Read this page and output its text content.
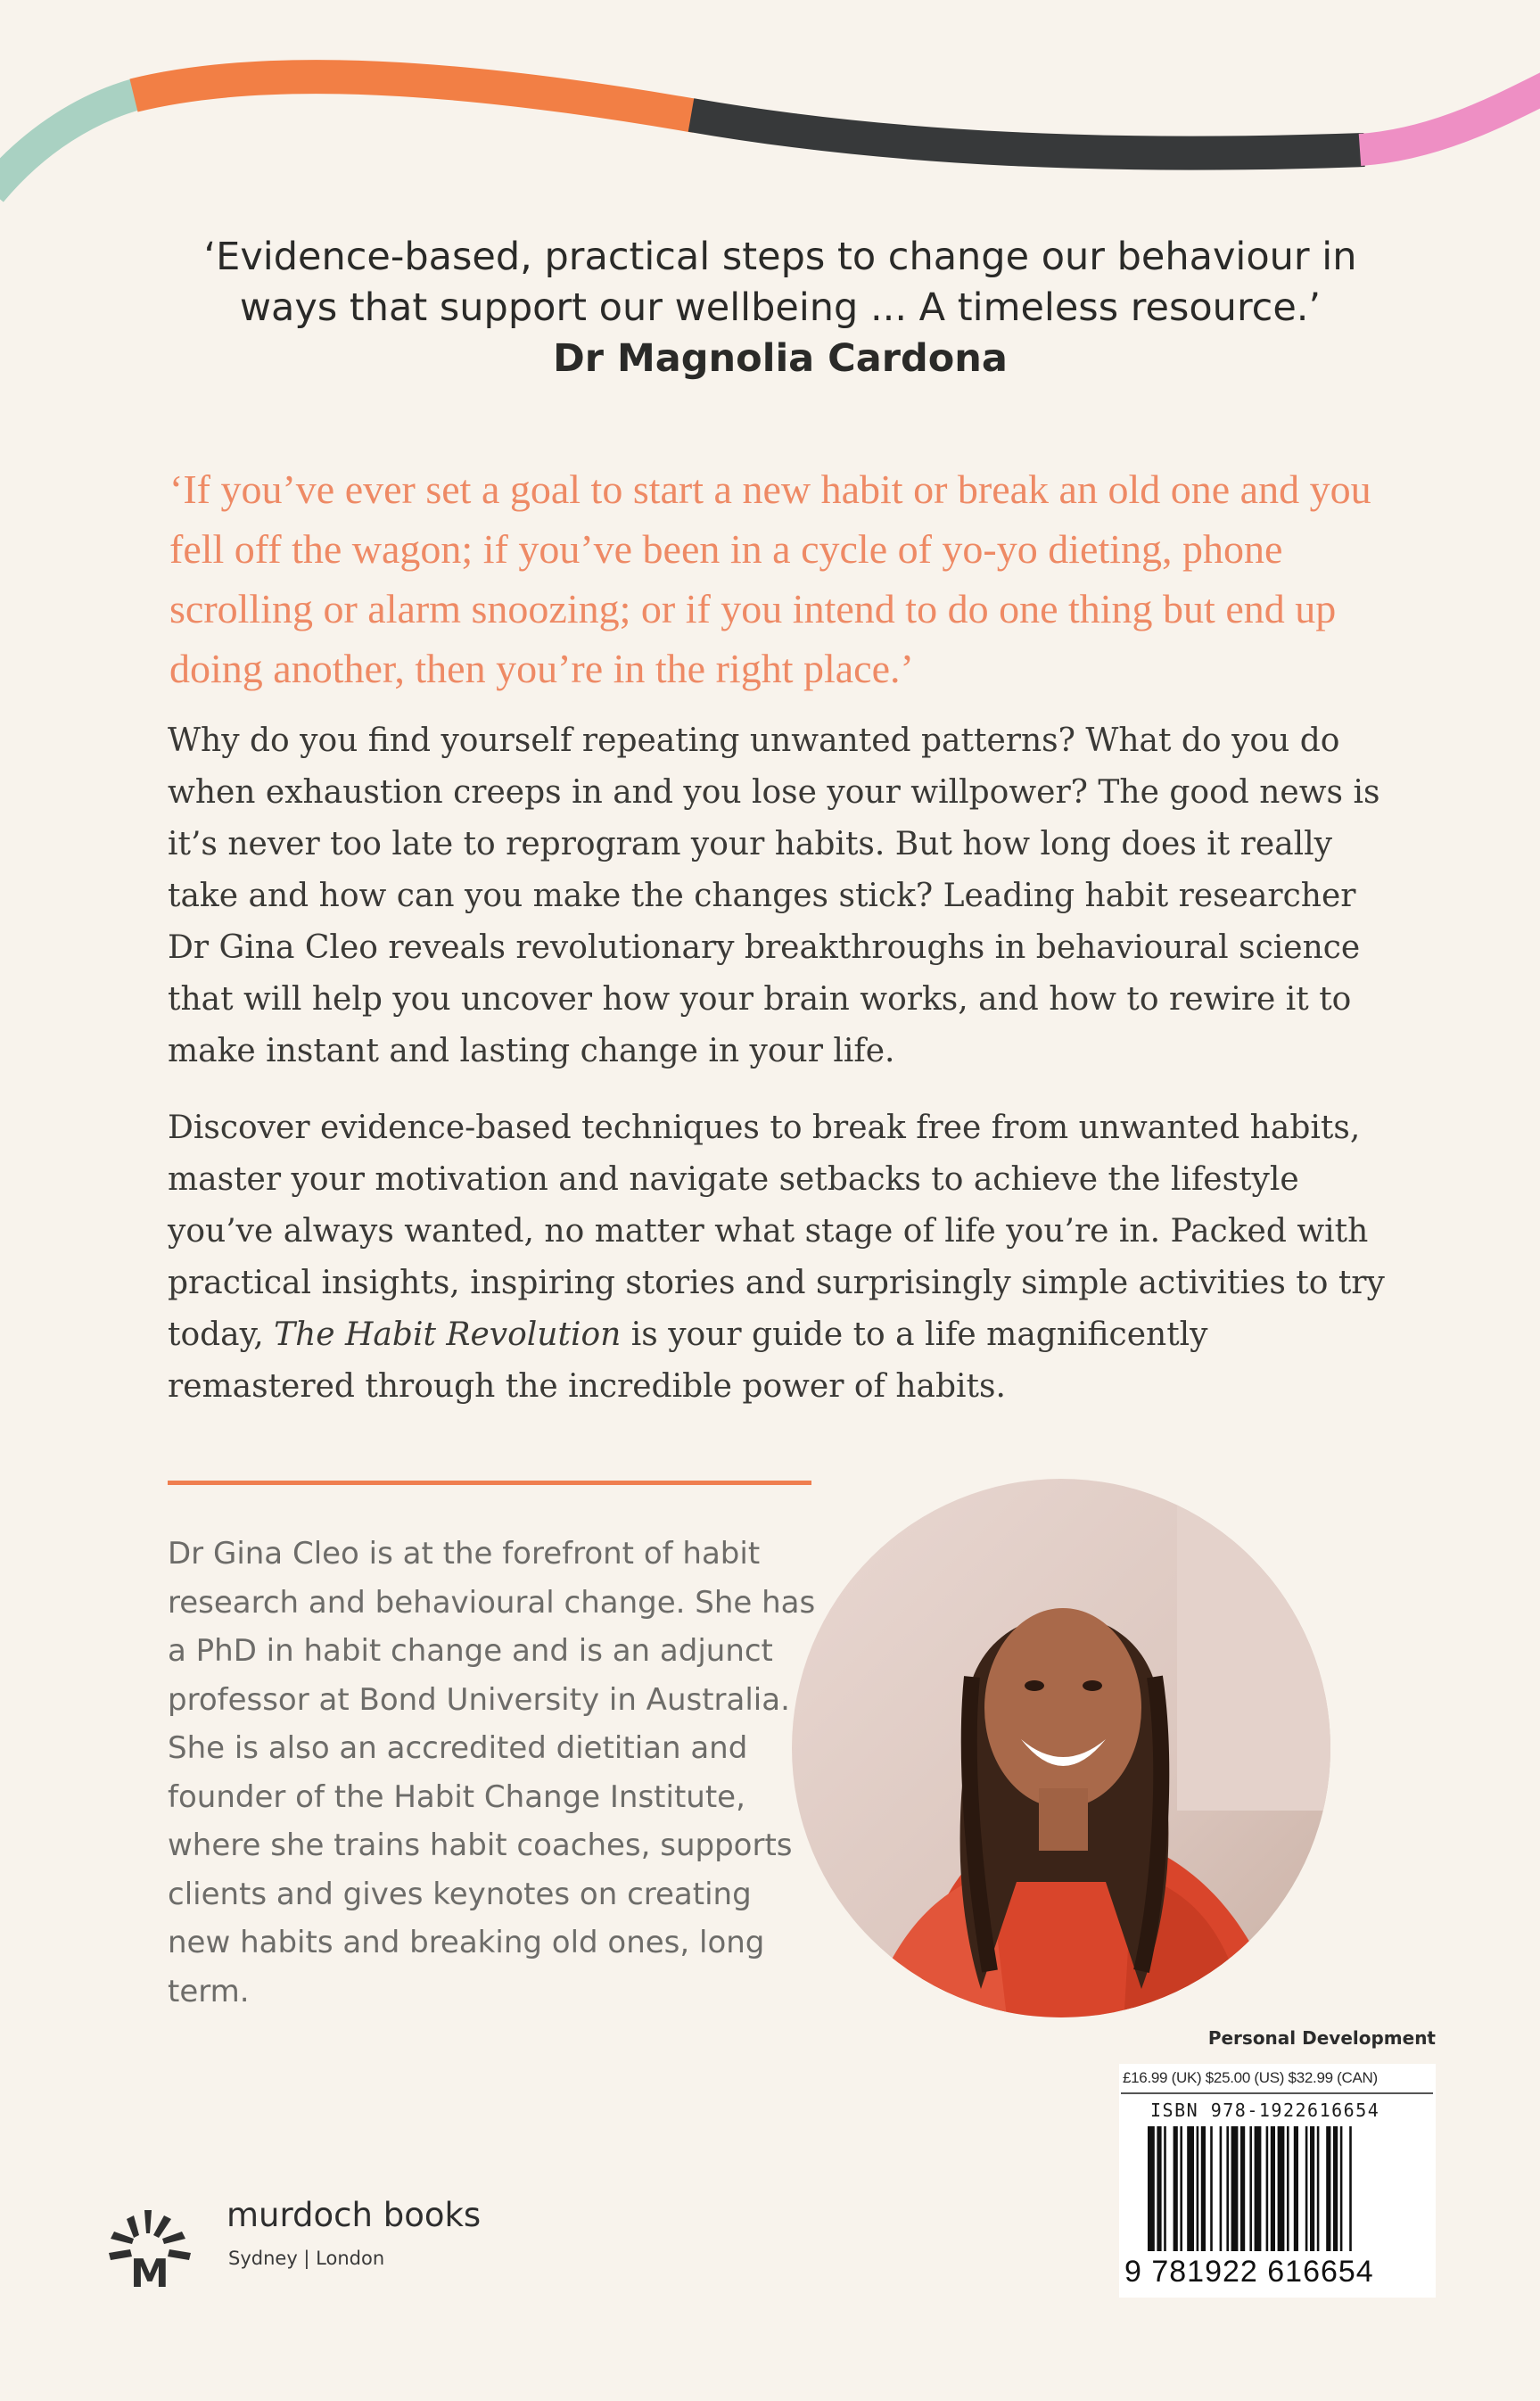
‘Evidence-based, practical steps to change our behaviour in
ways that support our wellbeing ... A timeless resource.’
Dr Magnolia Cardona
‘If you’ve ever set a goal to start a new habit or break an old one and you fell off the wagon; if you’ve been in a cycle of yo-yo dieting, phone scrolling or alarm snoozing; or if you intend to do one thing but end up doing another, then you’re in the right place.’

Why do you find yourself repeating unwanted patterns? What do you do when exhaustion creeps in and you lose your willpower? The good news is it’s never too late to reprogram your habits. But how long does it really take and how can you make the changes stick? Leading habit researcher Dr Gina Cleo reveals revolutionary breakthroughs in behavioural science that will help you uncover how your brain works, and how to rewire it to make instant and lasting change in your life.

Discover evidence-based techniques to break free from unwanted habits, master your motivation and navigate setbacks to achieve the lifestyle you’ve always wanted, no matter what stage of life you’re in. Packed with practical insights, inspiring stories and surprisingly simple activities to try today, The Habit Revolution is your guide to a life magnificently remastered through the incredible power of habits.

Dr Gina Cleo is at the forefront of habit research and behavioural change. She has a PhD in habit change and is an adjunct professor at Bond University in Australia. She is also an accredited dietitian and founder of the Habit Change Institute, where she trains habit coaches, supports clients and gives keynotes on creating new habits and breaking old ones, long term.

Personal Development
£16.99 (UK) $25.00 (US) $32.99 (CAN)
ISBN 978-1922616654
9 781922 616654
M
murdoch books
Sydney | London
